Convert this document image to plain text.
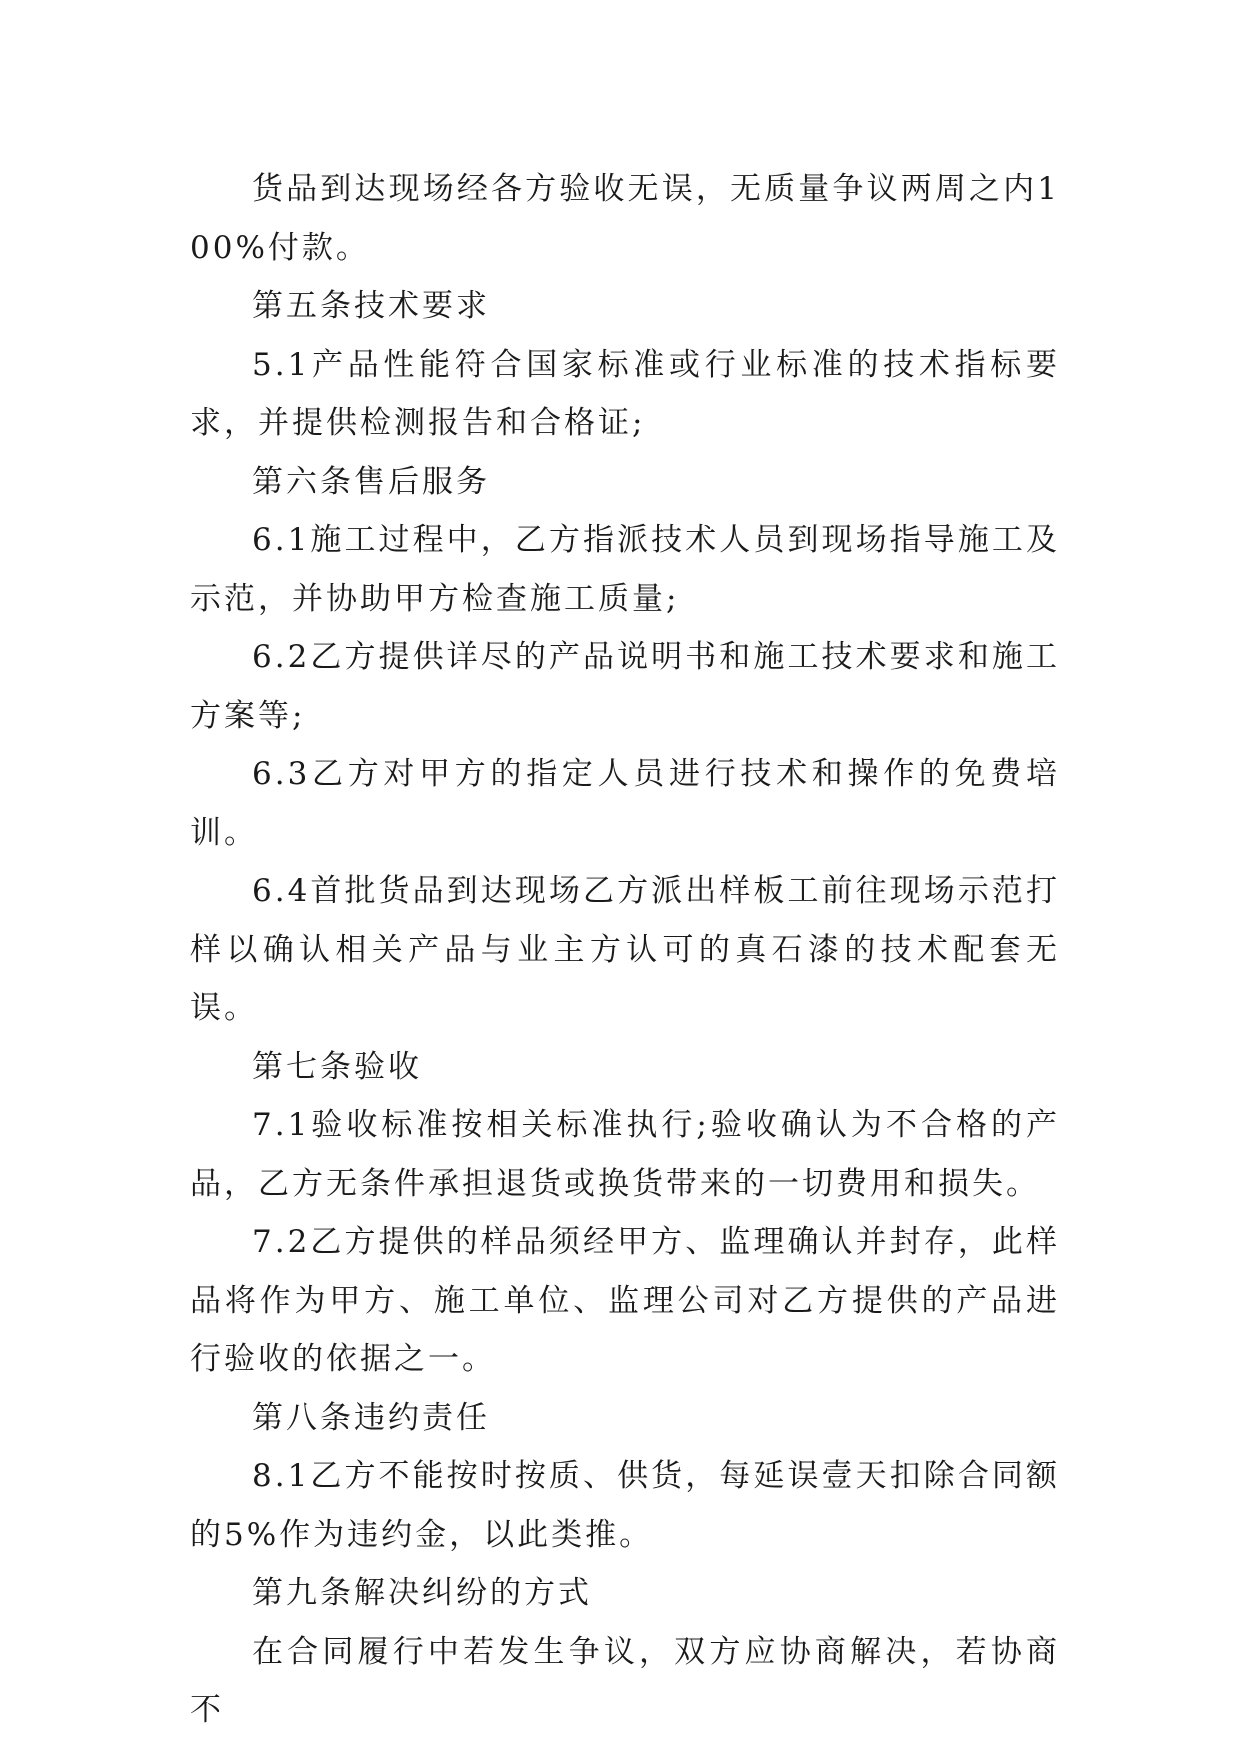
货品到达现场经各方验收无误，无质量争议两周之内100%付款。

第五条技术要求

5.1产品性能符合国家标准或行业标准的技术指标要求，并提供检测报告和合格证;

第六条售后服务

6.1施工过程中，乙方指派技术人员到现场指导施工及示范，并协助甲方检查施工质量;

6.2乙方提供详尽的产品说明书和施工技术要求和施工方案等;

6.3乙方对甲方的指定人员进行技术和操作的免费培训。

6.4首批货品到达现场乙方派出样板工前往现场示范打样以确认相关产品与业主方认可的真石漆的技术配套无误。

第七条验收

7.1验收标准按相关标准执行;验收确认为不合格的产品，乙方无条件承担退货或换货带来的一切费用和损失。

7.2乙方提供的样品须经甲方、监理确认并封存，此样品将作为甲方、施工单位、监理公司对乙方提供的产品进行验收的依据之一。

第八条违约责任

8.1乙方不能按时按质、供货，每延误壹天扣除合同额的5%作为违约金，以此类推。

第九条解决纠纷的方式

在合同履行中若发生争议，双方应协商解决，若协商不
